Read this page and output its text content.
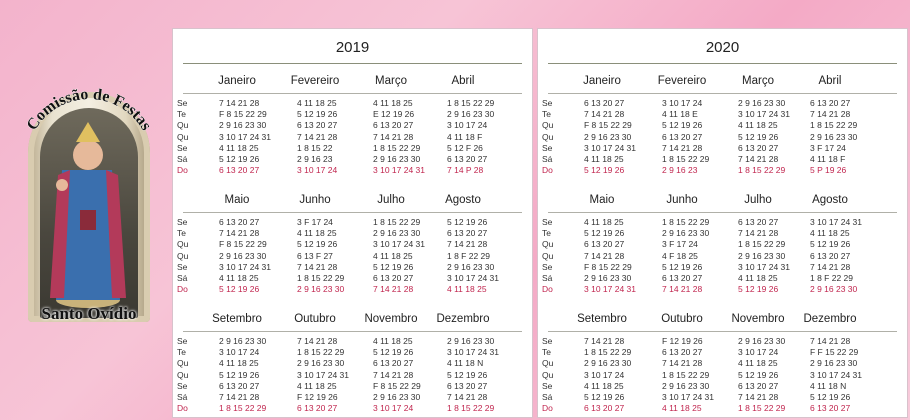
Comissão de Festas
Santo Ovídio
2019
Se
Te
Qu
Qu
Se
Sá
Do
Janeiro
7 14 21 28
F 8 15 22 29
2 9 16 23 30
3 10 17 24 31
4 11 18 25
5 12 19 26
6 13 20 27
Fevereiro
4 11 18 25
5 12 19 26
6 13 20 27
7 14 21 28
1 8 15 22
2 9 16 23
3 10 17 24
Março
4 11 18 25
E 12 19 26
6 13 20 27
7 14 21 28
1 8 15 22 29
2 9 16 23 30
3 10 17 24 31
Abril
1 8 15 22 29
2 9 16 23 30
3 10 17 24
4 11 18 F
5 12 F 26
6 13 20 27
7 14 P 28
Se
Te
Qu
Qu
Se
Sá
Do
Maio
6 13 20 27
7 14 21 28
F 8 15 22 29
2 9 16 23 30
3 10 17 24 31
4 11 18 25
5 12 19 26
Junho
3 F 17 24
4 11 18 25
5 12 19 26
6 13 F 27
7 14 21 28
1 8 15 22 29
2 9 16 23 30
Julho
1 8 15 22 29
2 9 16 23 30
3 10 17 24 31
4 11 18 25
5 12 19 26
6 13 20 27
7 14 21 28
Agosto
5 12 19 26
6 13 20 27
7 14 21 28
1 8 F 22 29
2 9 16 23 30
3 10 17 24 31
4 11 18 25
Se
Te
Qu
Qu
Se
Sá
Do
Setembro
2 9 16 23 30
3 10 17 24
4 11 18 25
5 12 19 26
6 13 20 27
7 14 21 28
1 8 15 22 29
Outubro
7 14 21 28
1 8 15 22 29
2 9 16 23 30
3 10 17 24 31
4 11 18 25
F 12 19 26
6 13 20 27
Novembro
4 11 18 25
5 12 19 26
6 13 20 27
7 14 21 28
F 8 15 22 29
2 9 16 23 30
3 10 17 24
Dezembro
2 9 16 23 30
3 10 17 24 31
4 11 18 N
5 12 19 26
6 13 20 27
7 14 21 28
1 8 15 22 29
2020
Se
Te
Qu
Qu
Se
Sá
Do
Janeiro
6 13 20 27
7 14 21 28
F 8 15 22 29
2 9 16 23 30
3 10 17 24 31
4 11 18 25
5 12 19 26
Fevereiro
3 10 17 24
4 11 18 E
5 12 19 26
6 13 20 27
7 14 21 28
1 8 15 22 29
2 9 16 23
Março
2 9 16 23 30
3 10 17 24 31
4 11 18 25
5 12 19 26
6 13 20 27
7 14 21 28
1 8 15 22 29
Abril
6 13 20 27
7 14 21 28
1 8 15 22 29
2 9 16 23 30
3 F 17 24
4 11 18 F
5 P 19 26
Se
Te
Qu
Qu
Se
Sá
Do
Maio
4 11 18 25
5 12 19 26
6 13 20 27
7 14 21 28
F 8 15 22 29
2 9 16 23 30
3 10 17 24 31
Junho
1 8 15 22 29
2 9 16 23 30
3 F 17 24
4 F 18 25
5 12 19 26
6 13 20 27
7 14 21 28
Julho
6 13 20 27
7 14 21 28
1 8 15 22 29
2 9 16 23 30
3 10 17 24 31
4 11 18 25
5 12 19 26
Agosto
3 10 17 24 31
4 11 18 25
5 12 19 26
6 13 20 27
7 14 21 28
1 8 F 22 29
2 9 16 23 30
Se
Te
Qu
Qu
Se
Sá
Do
Setembro
7 14 21 28
1 8 15 22 29
2 9 16 23 30
3 10 17 24
4 11 18 25
5 12 19 26
6 13 20 27
Outubro
F 12 19 26
6 13 20 27
7 14 21 28
1 8 15 22 29
2 9 16 23 30
3 10 17 24 31
4 11 18 25
Novembro
2 9 16 23 30
3 10 17 24
4 11 18 25
5 12 19 26
6 13 20 27
7 14 21 28
1 8 15 22 29
Dezembro
7 14 21 28
F F 15 22 29
2 9 16 23 30
3 10 17 24 31
4 11 18 N
5 12 19 26
6 13 20 27
